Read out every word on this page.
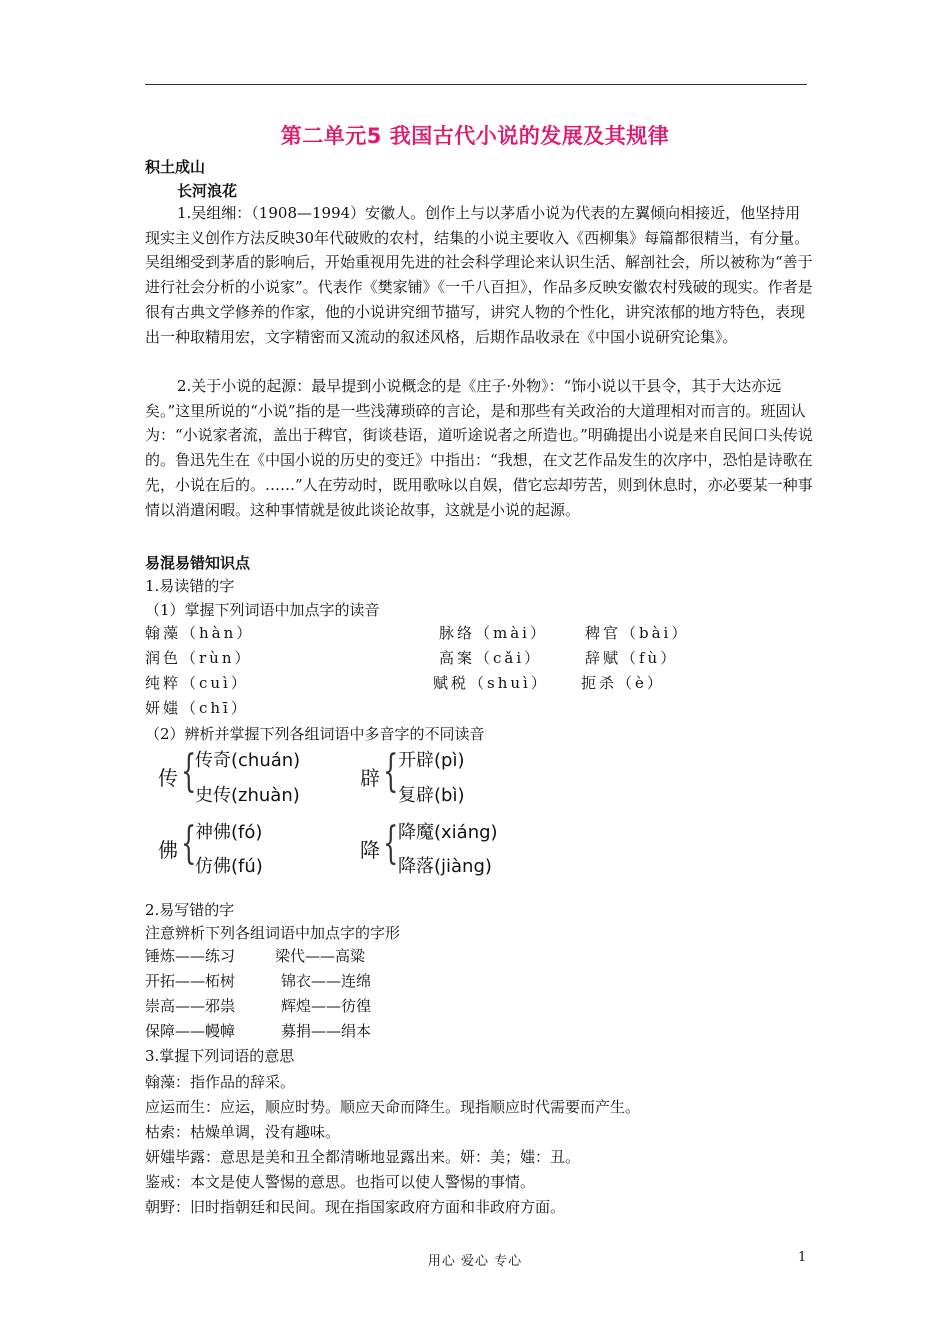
第二单元5 我国古代小说的发展及其规律
积土成山
长河浪花
1.吴组缃：（1908—1994）安徽人。创作上与以茅盾小说为代表的左翼倾向相接近，他坚持用现实主义创作方法反映30年代破败的农村，结集的小说主要收入《西柳集》每篇都很精当，有分量。吴组缃受到茅盾的影响后，开始重视用先进的社会科学理论来认识生活、解剖社会，所以被称为“善于进行社会分析的小说家”。代表作《樊家铺》《一千八百担》，作品多反映安徽农村残破的现实。作者是很有古典文学修养的作家，他的小说讲究细节描写，讲究人物的个性化，讲究浓郁的地方特色，表现出一种取精用宏，文字精密而又流动的叙述风格，后期作品收录在《中国小说研究论集》。
2.关于小说的起源：最早提到小说概念的是《庄子·外物》：“饰小说以干县令，其于大达亦远矣。”这里所说的“小说”指的是一些浅薄琐碎的言论，是和那些有关政治的大道理相对而言的。班固认为：“小说家者流，盖出于稗官，街谈巷语，道听途说者之所造也。”明确提出小说是来自民间口头传说的。鲁迅先生在《中国小说的历史的变迁》中指出：“我想，在文艺作品发生的次序中，恐怕是诗歌在先，小说在后的。……”人在劳动时，既用歌咏以自娱，借它忘却劳苦，则到休息时，亦必要某一种事情以消遣闲暇。这种事情就是彼此谈论故事，这就是小说的起源。
易混易错知识点
1.易读错的字
（1）掌握下列词语中加点字的读音
翰藻（hàn）	脉络（mài） 稗官（bài）
润色（rùn）	高案（cǎi）	辞赋（fù）
纯粹（cuì）	赋税（shuì） 扼杀（è）
妍媸（chī）
（2）辨析并掌握下列各组词语中多音字的不同读音
传 {
传奇(chuán)
史传(zhuàn)
辟 { 开辟(pì)
复辟(bì)
佛 {
神佛(fó)
仿佛(fú)
降 { 降魔(xiáng)
降落(jiàng)
2.易写错的字
注意辨析下列各组词语中加点字的字形
锤炼——练习	梁代——高粱
开拓——柘树	锦衣——连绵
崇高——邪祟	辉煌——彷徨
保障——幔幛	募捐——绢本
3.掌握下列词语的意思
翰藻：指作品的辞采。
应运而生：应运，顺应时势。顺应天命而降生。现指顺应时代需要而产生。
枯索：枯燥单调，没有趣味。
妍媸毕露：意思是美和丑全都清晰地显露出来。妍：美；媸：丑。
鉴戒：本文是使人警惕的意思。也指可以使人警惕的事情。
朝野：旧时指朝廷和民间。现在指国家政府方面和非政府方面。
用心 爱心 专心	1
